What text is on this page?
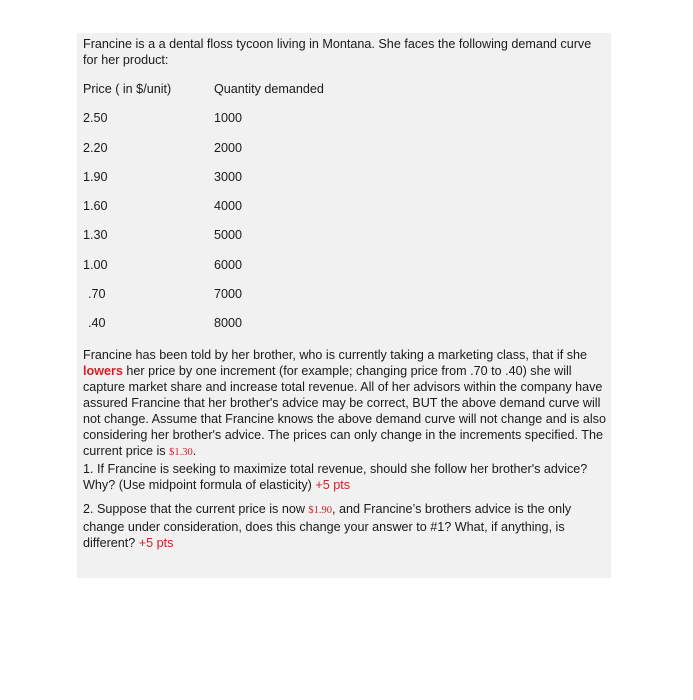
Francine is a a dental floss tycoon living in Montana. She faces the following demand curve for her product:
Price ( in $/unit)	Quantity demanded
2.50	1000
2.20	2000
1.90	3000
1.60	4000
1.30	5000
1.00	6000
.70	7000
.40	8000
Francine has been told by her brother, who is currently taking a marketing class, that if she lowers her price by one increment (for example; changing price from .70 to .40) she will capture market share and increase total revenue. All of her advisors within the company have assured Francine that her brother's advice may be correct, BUT the above demand curve will not change. Assume that Francine knows the above demand curve will not change and is also considering her brother's advice. The prices can only change in the increments specified. The current price is $1.30.
1. If Francine is seeking to maximize total revenue, should she follow her brother's advice? Why? (Use midpoint formula of elasticity) +5 pts
2. Suppose that the current price is now $1.90, and Francine’s brothers advice is the only change under consideration, does this change your answer to #1? What, if anything, is different? +5 pts
